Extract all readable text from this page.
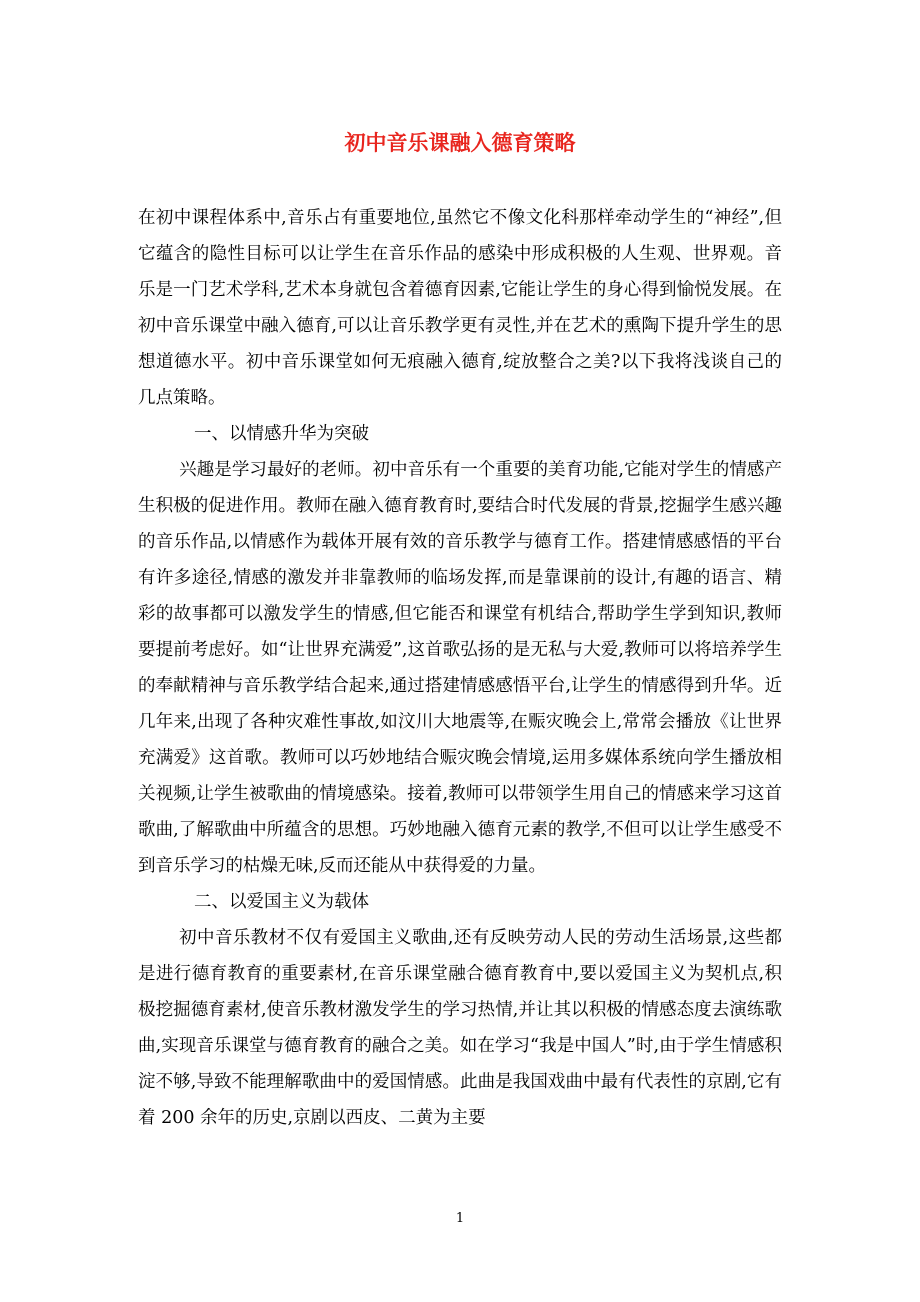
初中音乐课融入德育策略

在初中课程体系中,音乐占有重要地位,虽然它不像文化科那样牵动学生的“神经”,但它蕴含的隐性目标可以让学生在音乐作品的感染中形成积极的人生观、世界观。音乐是一门艺术学科,艺术本身就包含着德育因素,它能让学生的身心得到愉悦发展。在初中音乐课堂中融入德育,可以让音乐教学更有灵性,并在艺术的熏陶下提升学生的思想道德水平。初中音乐课堂如何无痕融入德育,绽放整合之美?以下我将浅谈自己的几点策略。

一、以情感升华为突破

兴趣是学习最好的老师。初中音乐有一个重要的美育功能,它能对学生的情感产生积极的促进作用。教师在融入德育教育时,要结合时代发展的背景,挖掘学生感兴趣的音乐作品,以情感作为载体开展有效的音乐教学与德育工作。搭建情感感悟的平台有许多途径,情感的激发并非靠教师的临场发挥,而是靠课前的设计,有趣的语言、精彩的故事都可以激发学生的情感,但它能否和课堂有机结合,帮助学生学到知识,教师要提前考虑好。如“让世界充满爱”,这首歌弘扬的是无私与大爱,教师可以将培养学生的奉献精神与音乐教学结合起来,通过搭建情感感悟平台,让学生的情感得到升华。近几年来,出现了各种灾难性事故,如汶川大地震等,在赈灾晚会上,常常会播放《让世界充满爱》这首歌。教师可以巧妙地结合赈灾晚会情境,运用多媒体系统向学生播放相关视频,让学生被歌曲的情境感染。接着,教师可以带领学生用自己的情感来学习这首歌曲,了解歌曲中所蕴含的思想。巧妙地融入德育元素的教学,不但可以让学生感受不到音乐学习的枯燥无味,反而还能从中获得爱的力量。

二、以爱国主义为载体

初中音乐教材不仅有爱国主义歌曲,还有反映劳动人民的劳动生活场景,这些都是进行德育教育的重要素材,在音乐课堂融合德育教育中,要以爱国主义为契机点,积极挖掘德育素材,使音乐教材激发学生的学习热情,并让其以积极的情感态度去演练歌曲,实现音乐课堂与德育教育的融合之美。如在学习“我是中国人”时,由于学生情感积淀不够,导致不能理解歌曲中的爱国情感。此曲是我国戏曲中最有代表性的京剧,它有着 200 余年的历史,京剧以西皮、二黄为主要

1
